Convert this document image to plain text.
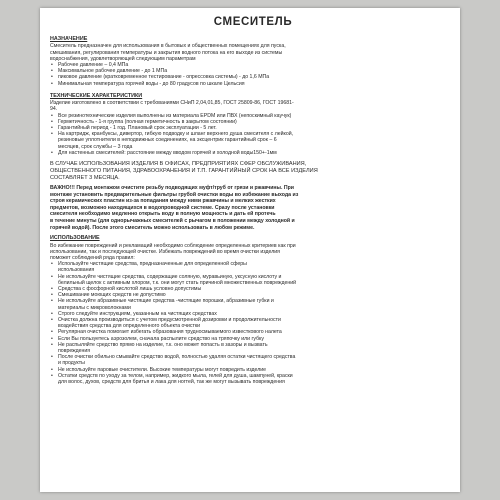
СМЕСИТЕЛЬ
НАЗНАЧЕНИЕ
Смеситель предназначен для использования в бытовых и общественных помещениях для пуска,
смешивания, регулирования температуры и закрытия водного потока на его выходе из системы
водоснабжения, удовлетворяющей следующим параметрам
• Рабочее давление – 0,4 МПа
• Максимальное рабочее давление - до 1 МПа
• пиковое давление (кратковременное тестирование - опрессовка системы) - до 1,6 МПа
• Минимальная температура горячей воды - до 80 градусов по шкале Цельсия
ТЕХНИЧЕСКИЕ ХАРАКТЕРИСТИКИ
Изделие изготовлено в соответствии с требованиями СНиП 2,04,01,85, ГОСТ 25809-86, ГОСТ 19681-
94.
• Все резинотехнические изделия выполнены из материала EPDM или ПВХ (непоскимный каучук)
• Герметичность - 1-я группа (полная герметичность в закрытом состоянии)
• Гарантийный период - 1 год. Плановый срок эксплуатации - 5 лет.
• На картридж, кранбуксы, дивертор, гибкую подводку и шланг верхнего душа смесителя с лейкой,
резиновые уплотнители в неподвижных соединениях, на эксцентрик гарантийный срок – 6
месяцев, срок службы – 3 года
• Для настенных смесителей: расстояние между вводом горячей и холодной воды150+-1мм
В СЛУЧАЕ ИСПОЛЬЗОВАНИЯ ИЗДЕЛИЯ В ОФИСАХ, ПРЕДПРИЯТИЯХ СФЕР ОБСЛУЖИВАНИЯ,
ОБЩЕСТВЕННОГО ПИТАНИЯ, ЗДРАВООХРАНЕНИЯ И Т.П. ГАРАНТИЙНЫЙ СРОК НА ВСЕ ИЗДЕЛИЯ
СОСТАВЛЯЕТ 3 МЕСЯЦА.
ВАЖНО!!! Перед монтажом очистите резьбу подводящих муфт/труб от грязи и ржавчины. При
монтаже установить предварительные фильтры грубой очистки воды во избежание выхода из
строя керамических пластин из-за попадания между ними ржавчины и мелких жестких
предметов, возможно находящихся в водопроводной системе. Сразу после установки
смесителя необходимо медленно открыть воду в полную мощность и дать ей протечь
в течение минуты (для однорычажных смесителей с рычагом в положении между холодной и
горячей водой). После этого смеситель можно использовать в любом режиме.
ИСПОЛЬЗОВАНИЕ
Во избежание повреждений и рекламаций необходимо соблюдение определенных критериев как при
использовании, так и последующей очистке. Избежать повреждений во время очистки изделия
поможет соблюдений ряда правил:
• Используйте чистящие средства, предназначенные для определенной сферы
использования
• Не используйте чистящие средства, содержащие соляную, муравьиную, уксусную кислоту и
белильный щелок с активным хлором, т.к. они могут стать причиной множественных повреждений
• Средства с фосфорной кислотой лишь условно допустимы
• Смешивание моющих средств не допустимо
• Не используйте абразивные чистящие средства -чистящие порошки, абразивные губки и
материалы с микроволокнами
• Строго следуйте инструкциям, указанным на чистящих средствах
• Очистка должна производиться с учетом предусмотренной дозировки и продолжительности
воздействия средства для определенного объекта очистки
• Регулярная очистка помогает избегать образования трудносмываемого известкового налета
• Если Вы пользуетесь аэрозолем, сначала распылите средство на тряпочку или губку
• Не распыляйте средство прямо на изделие, т.к. оно может попасть в зазоры и вызвать
повреждения
• После очистки обильно смывайте средство водой, полностью удаляя остатки чистящего средства
и продукты
• Не используйте паровые очистители. Высокие температуры могут повредить изделие
• Остатки средств по уходу за телом, например, жидкого мыла, гелей для душа, шампуней, краски
для волос, духов, средств для бритья и лака для ногтей, так же могут вызывать повреждения
